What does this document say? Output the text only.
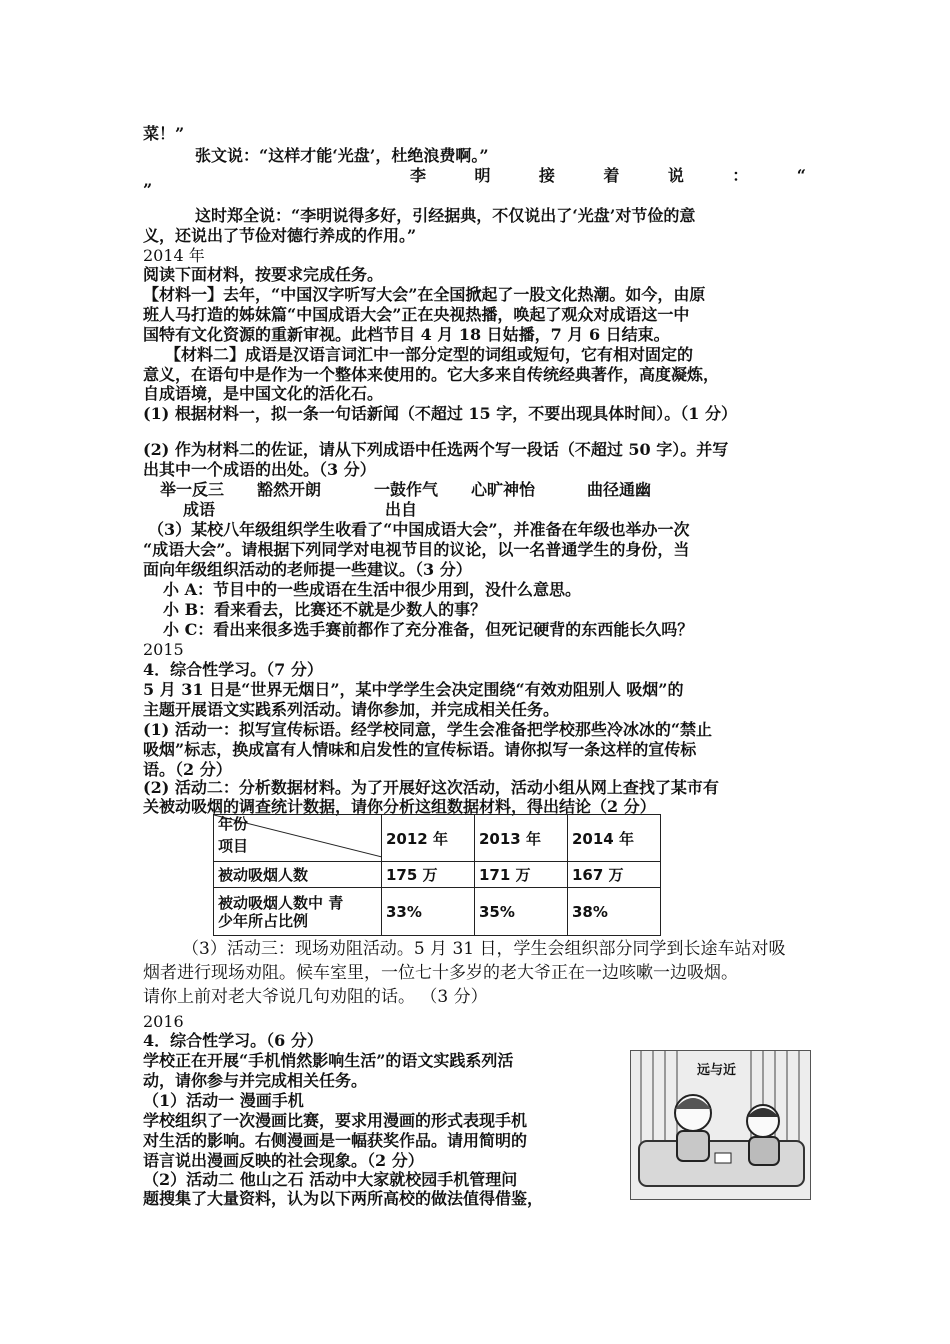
菜！”
张文说：“这样才能‘光盘’，杜绝浪费啊。”
李	明	接	着	说	：	“
”
这时郑全说：“李明说得多好，引经据典，不仅说出了‘光盘’对节俭的意
义，还说出了节俭对德行养成的作用。”
2014 年
阅读下面材料，按要求完成任务。
【材料一】去年，“中国汉字听写大会”在全国掀起了一股文化热潮。如今，由原
班人马打造的姊妹篇“中国成语大会”正在央视热播，唤起了观众对成语这一中
国特有文化资源的重新审视。此档节目 4 月 18 日姑播，7 月 6 日结束。
【材料二】成语是汉语言词汇中一部分定型的词组或短句，它有相对固定的
意义，在语句中是作为一个整体来使用的。它大多来自传统经典著作，高度凝炼，
自成语境，是中国文化的活化石。
(1) 根据材料一，拟一条一句话新闻（不超过 15 字，不要出现具体时间）。（1 分）
(2) 作为材料二的佐证，请从下列成语中任选两个写一段话（不超过 50 字）。并写
出其中一个成语的出处。（3 分）
举一反三 豁然开朗	一鼓作气 心旷神怡	曲径通幽
成语	出自
（3）某校八年级组织学生收看了“中国成语大会”，并准备在年级也举办一次
“成语大会”。请根据下列同学对电视节目的议论，以一名普通学生的身份，当
面向年级组织活动的老师提一些建议。（3 分）
小 A：节目中的一些成语在生活中很少用到，没什么意思。
小 B：看来看去，比赛还不就是少数人的事？
小 C：看出来很多选手赛前都作了充分准备，但死记硬背的东西能长久吗？
2015
4．综合性学习。（7 分）
5 月 31 日是“世界无烟日”，某中学学生会决定围绕“有效劝阻别人 吸烟”的
主题开展语文实践系列活动。请你参加，并完成相关任务。
(1) 活动一：拟写宣传标语。经学校同意，学生会准备把学校那些冷冰冰的“禁止
吸烟”标志，换成富有人情味和启发性的宣传标语。请你拟写一条这样的宣传标
语。（2 分）
(2) 活动二：分析数据材料。为了开展好这次活动，活动小组从网上查找了某市有
关被动吸烟的调查统计数据，请你分析这组数据材料，得出结论（2 分）
年份
项目	2012 年	2013 年	2014 年
被动吸烟人数	175 万	171 万	167 万

被动吸烟人数中 青
少年所占比例	33%	35%	38%
（3）活动三：现场劝阻活动。5 月 31 日，学生会组织部分同学到长途车站对吸
烟者进行现场劝阻。候车室里，一位七十多岁的老大爷正在一边咳嗽一边吸烟。
请你上前对老大爷说几句劝阻的话。 （3 分）
2016
4．综合性学习。（6 分）
学校正在开展“手机悄然影响生活”的语文实践系列活
动，请你参与并完成相关任务。
（1）活动一 漫画手机
学校组织了一次漫画比赛，要求用漫画的形式表现手机
对生活的影响。右侧漫画是一幅获奖作品。请用简明的
语言说出漫画反映的社会现象。（2 分）
（2）活动二 他山之石 活动中大家就校园手机管理问
题搜集了大量资料，认为以下两所高校的做法值得借鉴，
远与近
